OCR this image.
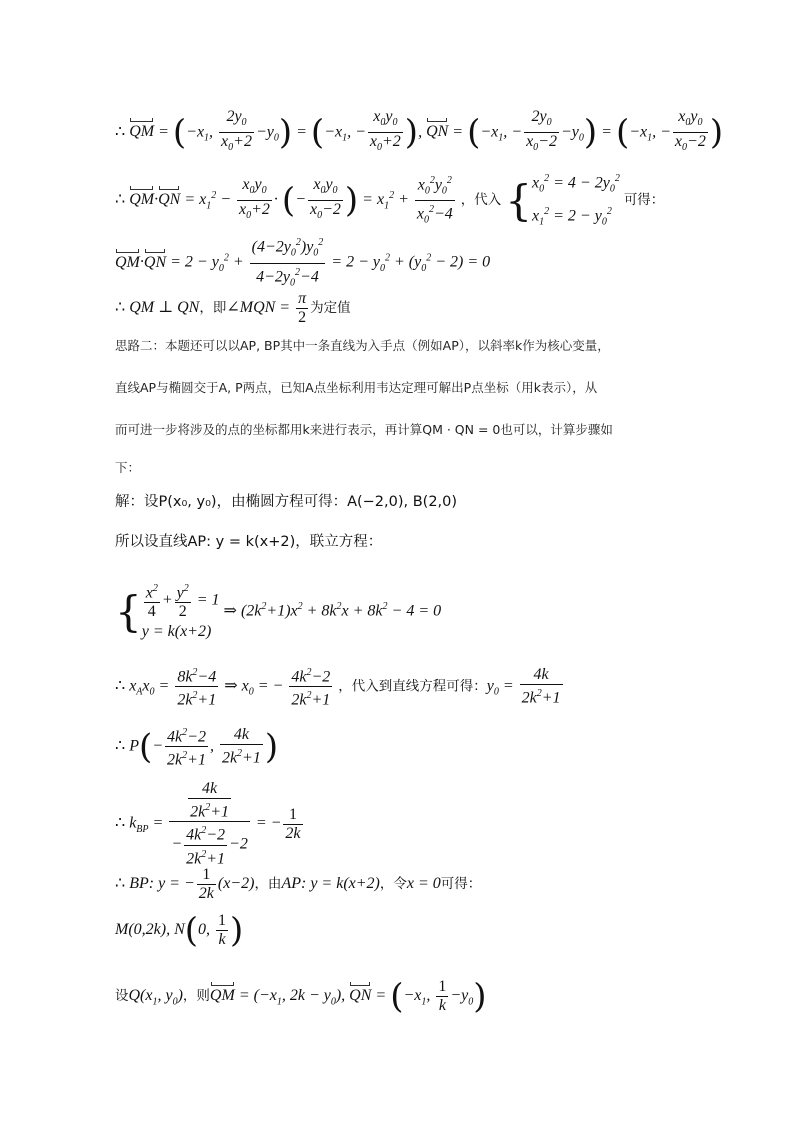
∴ QM = ($-x_1$, $\frac{2y_0}{x_0+2} -y_0) = (-x_1$, − $\frac{x_0y_0}{x_0+2}$ ), QN = ($-x_1$, − $\frac{2y_0}{x_0-2} -y_0) = (-x_1$, − $\frac{x_0y_0}{x_0-2}$ )
∴ $QM\cdot QN = x_1^2 - \frac{x_0y_0}{x_0+2}$ · (− $\frac{x_0y_0}{x_0-2}$ ) = $x_1^2 + \frac{x_0^2y_0^2}{x_0^2-4}$ ，代入 { $x_0^2 = 4 - 2y_0^2$
$x_1^2 = 2 - y_0^2$
可得：
$QM\cdot QN = 2 - y_0^2 + \frac{(4-2y_0^2)y_0^2}{4-2y_0^2-4} = 2 - y_0^2 + (y_0^2 - 2) = 0$
∴ QM ⊥ QN，即∠MQN = $\frac{\pi}{2}$ 为定值
思路二：本题还可以以AP, BP其中一条直线为入手点（例如AP），以斜率k作为核心变量，
直线AP与椭圆交于A, P两点，已知A点坐标利用韦达定理可解出P点坐标（用k表示），从
而可进一步将涉及的点的坐标都用k来进行表示，再计算QM · QN = 0也可以，计算步骤如
下：
解：设P(x₀, y₀)，由椭圆方程可得：A(−2,0), B(2,0)
所以设直线AP: y = k(x+2)，联立方程：
{ $\frac{x^2}{4} + \frac{y^2}{2} = 1$
y = k(x+2)
⇒ $(2k^2+1)x^2 + 8k^2x + 8k^2 - 4 = 0$
∴ $x_Ax_0 = \frac{8k^2-4}{2k^2+1}$ ⇒ $x_0$ = − $\frac{4k^2-2}{2k^2+1}$ ，代入到直线方程可得：$y_0 = \frac{4k}{2k^2+1}$
∴ $P(- \frac{4k^2-2}{2k^2+1}$ , $\frac{4k}{2k^2+1}$ )
∴ $k_{BP} = \frac{\frac{4k}{2k^2+1}}{- \frac{4k^2-2}{2k^2+1} -2}$ = − $\frac{1}{2k}$
∴ BP: y = − $\frac{1}{2k} (x-2)$，由AP: y = k(x+2)，令x = 0可得：
M(0,2k), N(0, $\frac{1}{k}$ )
设$Q(x_1$, $y_0$)，则QM = ($-x_1$, $2k - y_0$), QN = ($-x_1$, $\frac{1}{k} -y_0$)
